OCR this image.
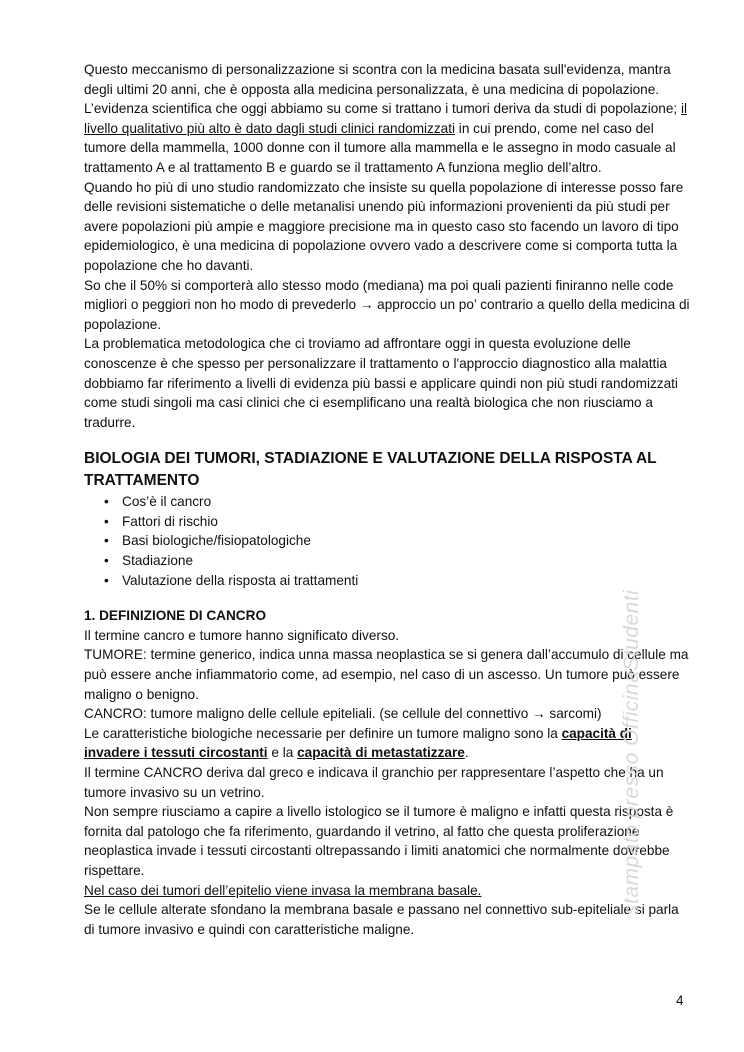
Questo meccanismo di personalizzazione si scontra con la medicina basata sull'evidenza, mantra degli ultimi 20 anni, che è opposta alla medicina personalizzata, è una medicina di popolazione.

L’evidenza scientifica che oggi abbiamo su come si trattano i tumori deriva da studi di popolazione; il livello qualitativo più alto è dato dagli studi clinici randomizzati in cui prendo, come nel caso del tumore della mammella, 1000 donne con il tumore alla mammella e le assegno in modo casuale al trattamento A e al trattamento B e guardo se il trattamento A funziona meglio dell’altro.

Quando ho più di uno studio randomizzato che insiste su quella popolazione di interesse posso fare delle revisioni sistematiche o delle metanalisi unendo più informazioni provenienti da più studi per avere popolazioni più ampie e maggiore precisione ma in questo caso sto facendo un lavoro di tipo epidemiologico, è una medicina di popolazione ovvero vado a descrivere come si comporta tutta la popolazione che ho davanti.

So che il 50% si comporterà allo stesso modo (mediana) ma poi quali pazienti finiranno nelle code migliori o peggiori non ho modo di prevederlo → approccio un po’ contrario a quello della medicina di popolazione.

La problematica metodologica che ci troviamo ad affrontare oggi in questa evoluzione delle conoscenze è che spesso per personalizzare il trattamento o l'approccio diagnostico alla malattia dobbiamo far riferimento a livelli di evidenza più bassi e applicare quindi non più studi randomizzati come studi singoli ma casi clinici che ci esemplificano una realtà biologica che non riusciamo a tradurre.

BIOLOGIA DEI TUMORI, STADIAZIONE E VALUTAZIONE DELLA RISPOSTA AL TRATTAMENTO
• Cos’è il cancro
• Fattori di rischio
• Basi biologiche/fisiopatologiche
• Stadiazione
• Valutazione della risposta ai trattamenti

1. DEFINIZIONE DI CANCRO

Il termine cancro e tumore hanno significato diverso.

TUMORE: termine generico, indica unna massa neoplastica se si genera dall’accumulo di cellule ma può essere anche infiammatorio come, ad esempio, nel caso di un ascesso. Un tumore può essere maligno o benigno.

CANCRO: tumore maligno delle cellule epiteliali. (se cellule del connettivo → sarcomi)

Le caratteristiche biologiche necessarie per definire un tumore maligno sono la capacità di invadere i tessuti circostanti e la capacità di metastatizzare.

Il termine CANCRO deriva dal greco e indicava il granchio per rappresentare l’aspetto che ha un tumore invasivo su un vetrino.

Non sempre riusciamo a capire a livello istologico se il tumore è maligno e infatti questa risposta è fornita dal patologo che fa riferimento, guardando il vetrino, al fatto che questa proliferazione neoplastica invade i tessuti circostanti oltrepassando i limiti anatomici che normalmente dovrebbe rispettare.

Nel caso dei tumori dell’epitelio viene invasa la membrana basale.

Se le cellule alterate sfondano la membrana basale e passano nel connettivo sub-epiteliale si parla di tumore invasivo e quindi con caratteristiche maligne.

stampato presso OfficinaStudenti
4
